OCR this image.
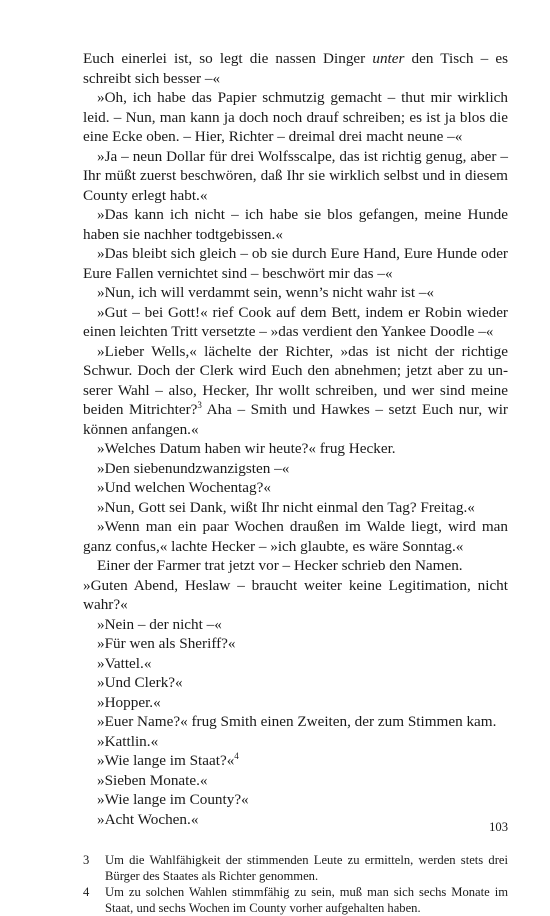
Euch einerlei ist, so legt die nassen Dinger unter den Tisch – es schreibt sich besser –«

»Oh, ich habe das Papier schmutzig gemacht – thut mir wirklich leid. – Nun, man kann ja doch noch drauf schreiben; es ist ja blos die eine Ecke oben. – Hier, Richter – dreimal drei macht neune –«

»Ja – neun Dollar für drei Wolfsscalpe, das ist richtig genug, aber – Ihr müßt zuerst beschwören, daß Ihr sie wirklich selbst und in diesem County erlegt habt.«

»Das kann ich nicht – ich habe sie blos gefangen, meine Hunde haben sie nachher todtgebissen.«

»Das bleibt sich gleich – ob sie durch Eure Hand, Eure Hunde oder Eure Fallen vernichtet sind – beschwört mir das –«

»Nun, ich will verdammt sein, wenn’s nicht wahr ist –«

»Gut – bei Gott!« rief Cook auf dem Bett, indem er Robin wieder einen leichten Tritt versetzte – »das verdient den Yankee Doodle –«

»Lieber Wells,« lächelte der Richter, »das ist nicht der richtige Schwur. Doch der Clerk wird Euch den abnehmen; jetzt aber zu unserer Wahl – also, Hecker, Ihr wollt schreiben, und wer sind meine beiden Mitrichter?$^3$ Aha – Smith und Hawkes – setzt Euch nur, wir können anfangen.«

»Welches Datum haben wir heute?« frug Hecker.

»Den siebenundzwanzigsten –«

»Und welchen Wochentag?«

»Nun, Gott sei Dank, wißt Ihr nicht einmal den Tag? Freitag.«

»Wenn man ein paar Wochen draußen im Walde liegt, wird man ganz confus,« lachte Hecker – »ich glaubte, es wäre Sonntag.«

Einer der Farmer trat jetzt vor – Hecker schrieb den Namen.

»Guten Abend, Heslaw – braucht weiter keine Legitimation, nicht wahr?«

»Nein – der nicht –«

»Für wen als Sheriff?«

»Vattel.«

»Und Clerk?«

»Hopper.«

»Euer Name?« frug Smith einen Zweiten, der zum Stimmen kam.

»Kattlin.«

»Wie lange im Staat?«$^4$

»Sieben Monate.«

»Wie lange im County?«

»Acht Wochen.«

3	Um die Wahlfähigkeit der stimmenden Leute zu ermitteln, werden stets drei Bürger des Staates als Richter genommen.
4	Um zu solchen Wahlen stimmfähig zu sein, muß man sich sechs Monate im Staat, und sechs Wochen im County vorher aufgehalten haben.
103
